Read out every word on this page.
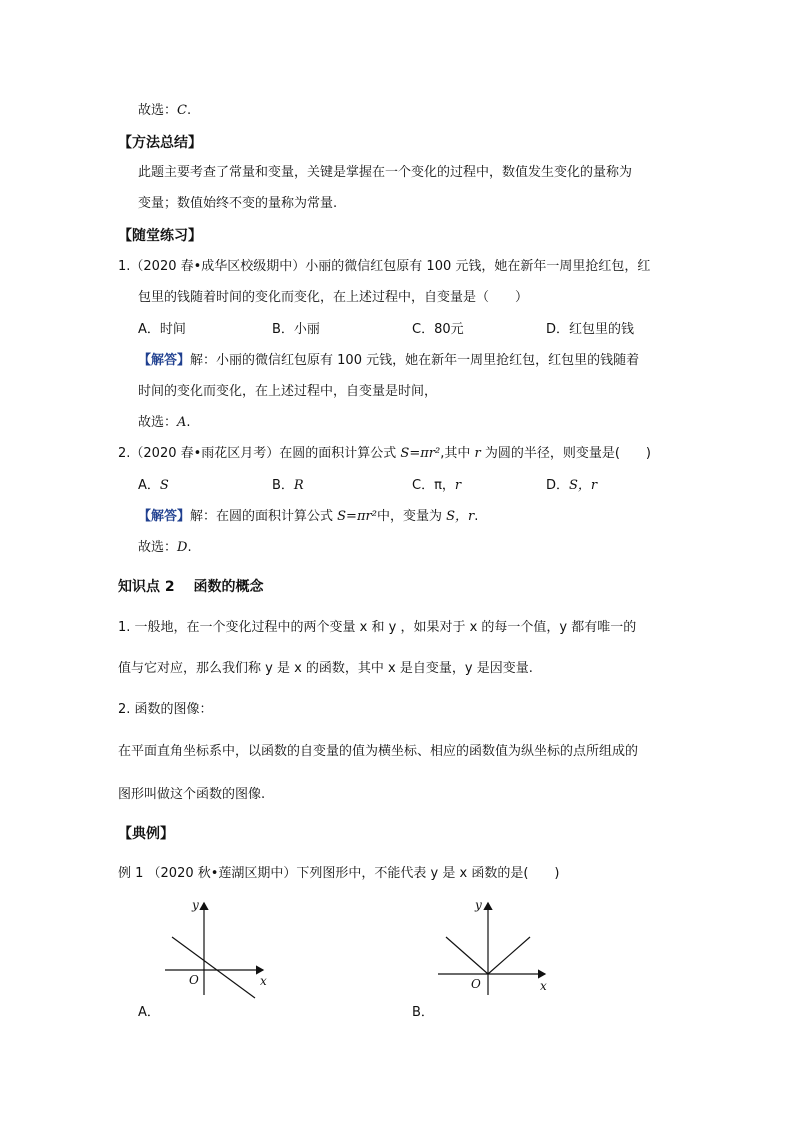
故选：C.
【方法总结】
此题主要考查了常量和变量，关键是掌握在一个变化的过程中，数值发生变化的量称为
变量；数值始终不变的量称为常量.
【随堂练习】
1.（2020 春•成华区校级期中）小丽的微信红包原有 100 元钱，她在新年一周里抢红包，红
包里的钱随着时间的变化而变化，在上述过程中，自变量是（　　）
A．时间	B．小丽	C．80元	D．红包里的钱
【解答】解：小丽的微信红包原有 100 元钱，她在新年一周里抢红包，红包里的钱随着
时间的变化而变化，在上述过程中，自变量是时间，
故选：A.
2.（2020 春•雨花区月考）在圆的面积计算公式 S=πr²,其中 r 为圆的半径，则变量是(　　)
A．S	B．R	C．π，r	D．S，r
【解答】解：在圆的面积计算公式 S=πr²中，变量为 S，r.
故选：D.
知识点 2　 函数的概念
1. 一般地，在一个变化过程中的两个变量 x 和 y ，如果对于 x 的每一个值，y 都有唯一的
值与它对应，那么我们称 y 是 x 的函数，其中 x 是自变量，y 是因变量.
2. 函数的图像：
在平面直角坐标系中，以函数的自变量的值为横坐标、相应的函数值为纵坐标的点所组成的
图形叫做这个函数的图像.
【典例】
例 1 （2020 秋•莲湖区期中）下列图形中，不能代表 y 是 x 函数的是(　　)
y
x
O
A．
y
x
O
B．
